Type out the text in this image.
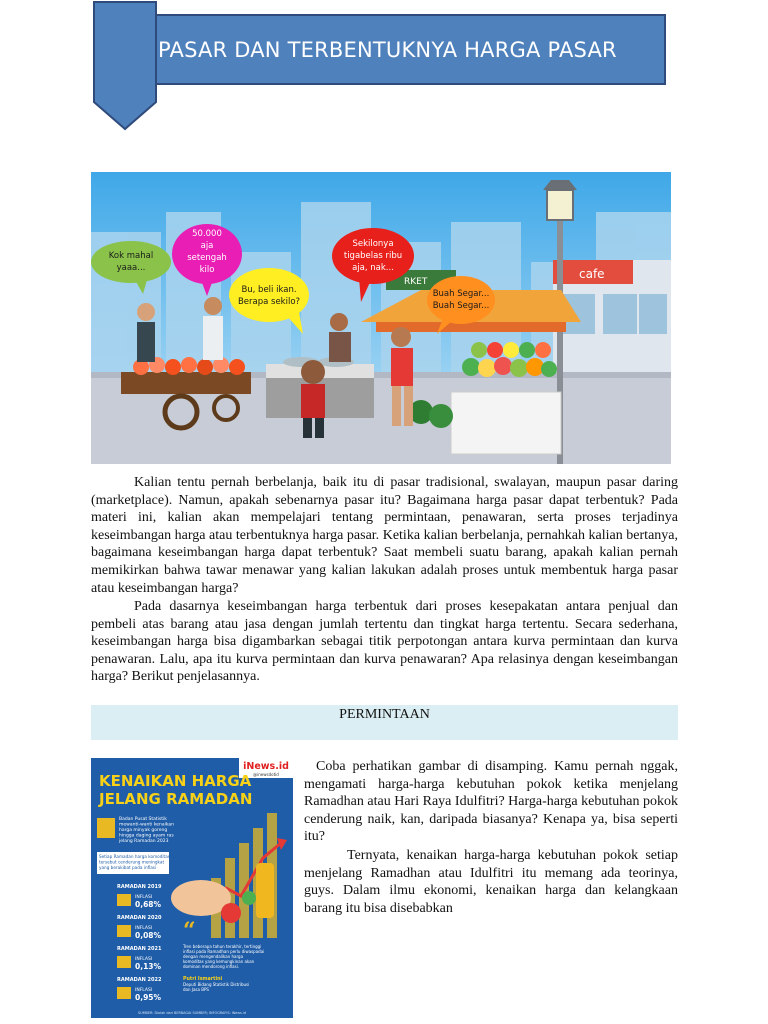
PASAR DAN TERBENTUKNYA HARGA PASAR
cafe
RKET
Kok mahal
yaaa...
50.000
aja
setengah
kilo
Bu, beli ikan.
Berapa sekilo?
Sekilonya
tigabelas ribu
aja, nak...
Buah Segar...
Buah Segar...

Kalian tentu pernah berbelanja, baik itu di pasar tradisional, swalayan, maupun pasar daring (marketplace). Namun, apakah sebenarnya pasar itu? Bagaimana harga pasar dapat terbentuk? Pada materi ini, kalian akan mempelajari tentang permintaan, penawaran, serta proses terjadinya keseimbangan harga atau terbentuknya harga pasar. Ketika kalian berbelanja, pernahkah kalian bertanya, bagaimana keseimbangan harga dapat terbentuk? Saat membeli suatu barang, apakah kalian pernah memikirkan bahwa tawar menawar yang kalian lakukan adalah proses untuk membentuk harga pasar atau keseimbangan harga?

Pada dasarnya keseimbangan harga terbentuk dari proses kesepakatan antara penjual dan pembeli atas barang atau jasa dengan jumlah tertentu dan tingkat harga tertentu. Secara sederhana, keseimbangan harga bisa digambarkan sebagai titik perpotongan antara kurva permintaan dan kurva penawaran. Lalu, apa itu kurva permintaan dan kurva penawaran? Apa relasinya dengan keseimbangan harga? Berikut penjelasannya.

PERMINTAAN
iNews.id
@inewsdotid
KENAIKAN HARGA
JELANG RAMADAN
Badan Pusat Statistik mewanti-wanti kenaikan harga minyak goreng hingga daging ayam ras jelang Ramadan 2023
Setiap Ramadan harga komoditas tersebut cenderung meningkat yang berakibat pada inflasi
RAMADAN 2019
INFLASI
0,68%
RAMADAN 2020
INFLASI
0,08%
RAMADAN 2021
INFLASI
0,13%
RAMADAN 2022
INFLASI
0,95%
“
Tren beberapa tahun terakhir, tertinggi inflasi pada Ramadhan perlu diwaspadai dengan mengendalikan harga komoditas yang kemungkinan akan dominan mendorong inflasi.
Putri Ismartini
Deputi Bidang Statistik Distribusi dan Jasa BPS
SUMBER: Diolah dari BERBAGAI SUMBER; INFOGRAFIS: iNews.id

Coba perhatikan gambar di disamping. Kamu pernah nggak, mengamati harga-harga kebutuhan pokok ketika menjelang Ramadhan atau Hari Raya Idulfitri? Harga-harga kebutuhan pokok cenderung naik, kan, daripada biasanya? Kenapa ya, bisa seperti itu?

Ternyata, kenaikan harga-harga kebutuhan pokok setiap menjelang Ramadhan atau Idulfitri itu memang ada teorinya, guys. Dalam ilmu ekonomi, kenaikan harga dan kelangkaan barang itu bisa disebabkan
